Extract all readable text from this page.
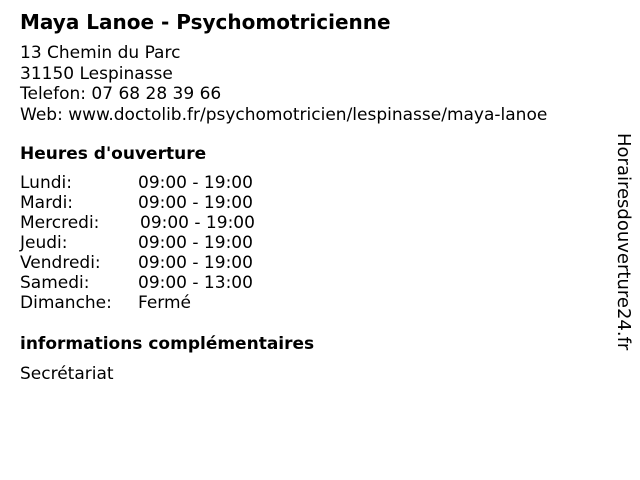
Maya Lanoe - Psychomotricienne
13 Chemin du Parc
31150 Lespinasse
Telefon: 07 68 28 39 66
Web: www.doctolib.fr/psychomotricien/lespinasse/maya-lanoe
Heures d'ouverture
Lundi:	09:00 - 19:00
Mardi:	09:00 - 19:00
Mercredi: 09:00 - 19:00
Jeudi:	09:00 - 19:00
Vendredi: 09:00 - 19:00
Samedi:	09:00 - 13:00
Dimanche: Fermé
informations complémentaires
Secrétariat
Horairesdouverture24.fr
